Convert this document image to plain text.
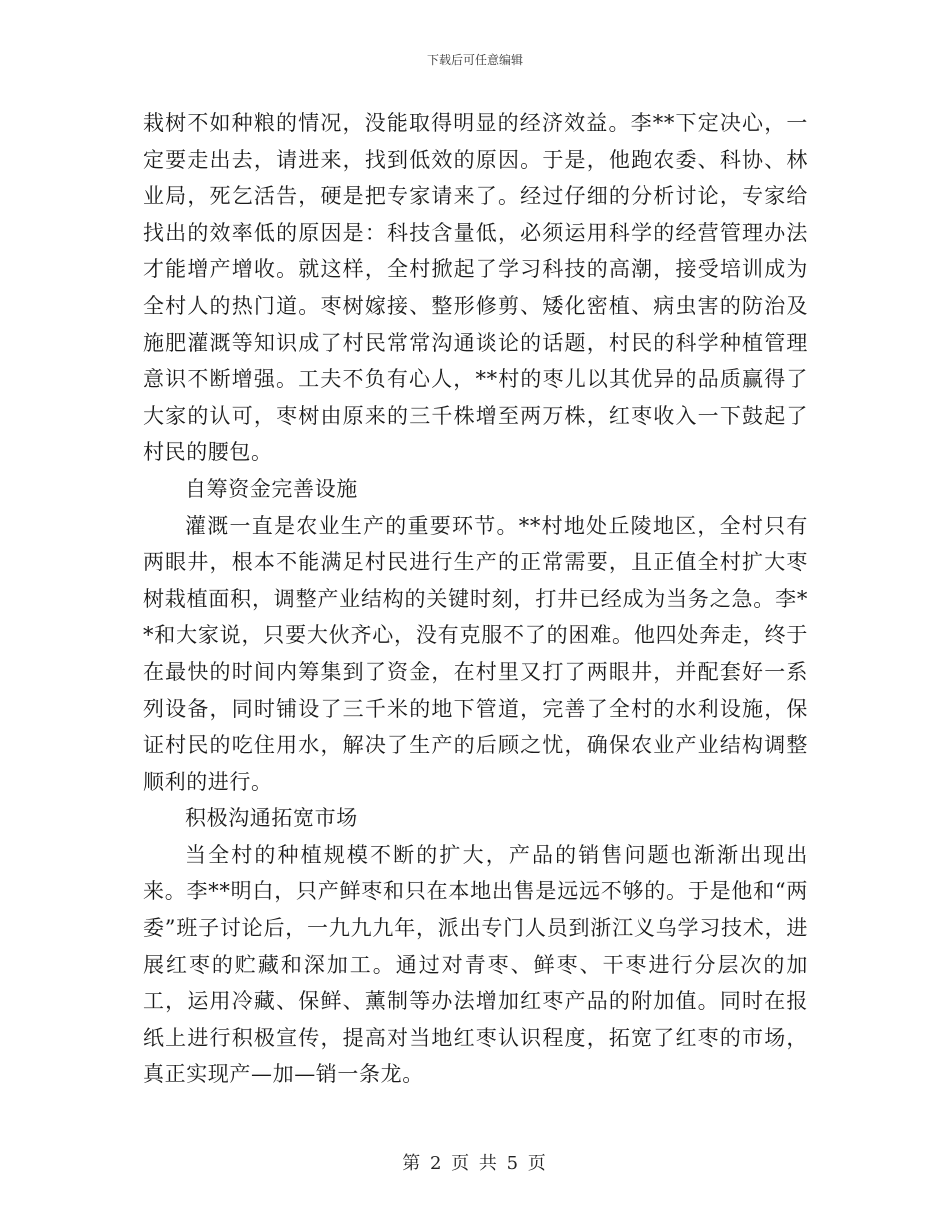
下载后可任意编辑

栽树不如种粮的情况，没能取得明显的经济效益。李**下定决心，一定要走出去，请进来，找到低效的原因。于是，他跑农委、科协、林业局，死乞活告，硬是把专家请来了。经过仔细的分析讨论，专家给找出的效率低的原因是：科技含量低，必须运用科学的经营管理办法才能增产增收。就这样，全村掀起了学习科技的高潮，接受培训成为全村人的热门道。枣树嫁接、整形修剪、矮化密植、病虫害的防治及施肥灌溉等知识成了村民常常沟通谈论的话题，村民的科学种植管理意识不断增强。工夫不负有心人，**村的枣儿以其优异的品质赢得了大家的认可，枣树由原来的三千株增至两万株，红枣收入一下鼓起了村民的腰包。

自筹资金完善设施

灌溉一直是农业生产的重要环节。**村地处丘陵地区，全村只有两眼井，根本不能满足村民进行生产的正常需要，且正值全村扩大枣树栽植面积，调整产业结构的关键时刻，打井已经成为当务之急。李**和大家说，只要大伙齐心，没有克服不了的困难。他四处奔走，终于在最快的时间内筹集到了资金，在村里又打了两眼井，并配套好一系列设备，同时铺设了三千米的地下管道，完善了全村的水利设施，保证村民的吃住用水，解决了生产的后顾之忧，确保农业产业结构调整顺利的进行。

积极沟通拓宽市场

当全村的种植规模不断的扩大，产品的销售问题也渐渐出现出来。李**明白，只产鲜枣和只在本地出售是远远不够的。于是他和“两委”班子讨论后，一九九九年，派出专门人员到浙江义乌学习技术，进展红枣的贮藏和深加工。通过对青枣、鲜枣、干枣进行分层次的加工，运用冷藏、保鲜、薰制等办法增加红枣产品的附加值。同时在报纸上进行积极宣传，提高对当地红枣认识程度，拓宽了红枣的市场，真正实现产—加—销一条龙。

第 2 页 共 5 页
